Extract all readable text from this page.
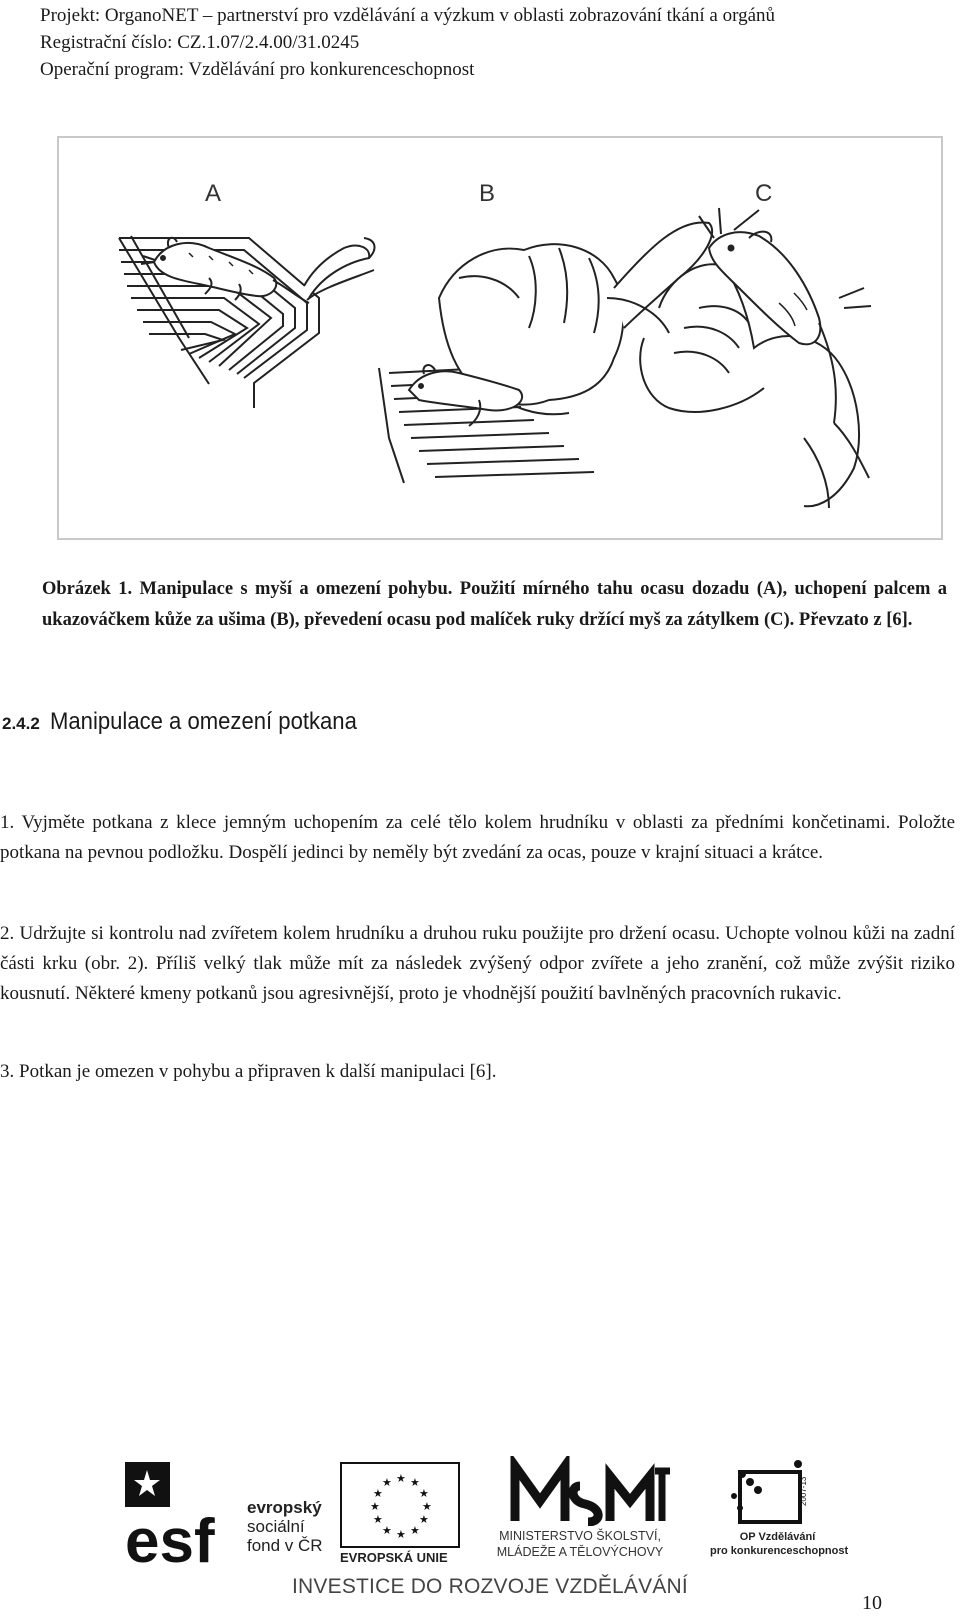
Projekt: OrganoNET – partnerství pro vzdělávání a výzkum v oblasti zobrazování tkání a orgánů
Registrační číslo: CZ.1.07/2.4.00/31.0245
Operační program: Vzdělávání pro konkurenceschopnost
A	B	C
Obrázek 1. Manipulace s myší a omezení pohybu. Použití mírného tahu ocasu dozadu (A), uchopení palcem a ukazováčkem kůže za ušima (B), převedení ocasu pod malíček ruky držící myš za zátylkem (C). Převzato z [6].
2.4.2 Manipulace a omezení potkana
1. Vyjměte potkana z klece jemným uchopením za celé tělo kolem hrudníku v oblasti za předními končetinami. Položte potkana na pevnou podložku. Dospělí jedinci by neměly být zvedání za ocas, pouze v krajní situaci a krátce.
2. Udržujte si kontrolu nad zvířetem kolem hrudníku a druhou ruku použijte pro držení ocasu. Uchopte volnou kůži na zadní části krku (obr. 2). Příliš velký tlak může mít za následek zvýšený odpor zvířete a jeho zranění, což může zvýšit riziko kousnutí. Některé kmeny potkanů jsou agresivnější, proto je vhodnější použití bavlněných pracovních rukavic.
3. Potkan je omezen v pohybu a připraven k další manipulaci [6].
esf evropský
sociální
fond v ČR
★ ★
★
★
★
★
★
★
★
★
★
★
EVROPSKÁ UNIE
MINISTERSTVO ŠKOLSTVÍ,
MLÁDEŽE A TĚLOVÝCHOVY
2007-13
OP Vzdělávání
pro konkurenceschopnost
INVESTICE DO ROZVOJE VZDĚLÁVÁNÍ
10
